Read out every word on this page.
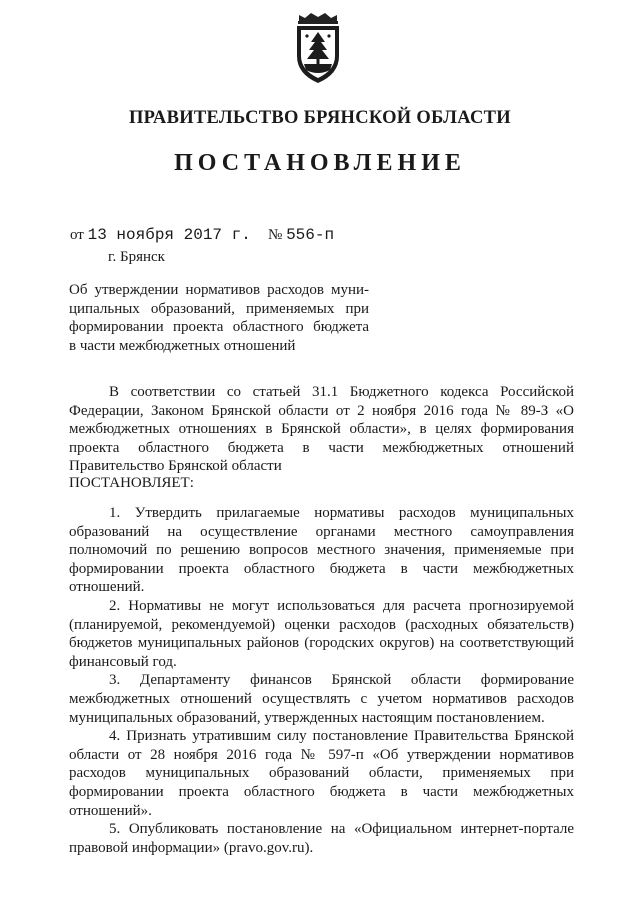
ПРАВИТЕЛЬСТВО БРЯНСКОЙ ОБЛАСТИ
ПОСТАНОВЛЕНИЕ
от 13 ноября 2017 г. № 556-п
г. Брянск
Об утверждении нормативов расходов муни-
ципальных образований, применяемых при
формировании проекта областного бюджета
в части межбюджетных отношений

В соответствии со статьей 31.1 Бюджетного кодекса Российской Федерации, Законом Брянской области от 2 ноября 2016 года № 89-З «О межбюджетных отношениях в Брянской области», в целях формирования проекта областного бюджета в части межбюджетных отношений Правительство Брянской области

ПОСТАНОВЛЯЕТ:

1. Утвердить прилагаемые нормативы расходов муниципальных образований на осуществление органами местного самоуправления полномочий по решению вопросов местного значения, применяемые при формировании проекта областного бюджета в части межбюджетных отношений.

2. Нормативы не могут использоваться для расчета прогнозируемой (планируемой, рекомендуемой) оценки расходов (расходных обязательств) бюджетов муниципальных районов (городских округов) на соответствующий финансовый год.

3. Департаменту финансов Брянской области формирование межбюджетных отношений осуществлять с учетом нормативов расходов муниципальных образований, утвержденных настоящим постановлением.

4. Признать утратившим силу постановление Правительства Брянской области от 28 ноября 2016 года № 597-п «Об утверждении нормативов расходов муниципальных образований области, применяемых при формировании проекта областного бюджета в части межбюджетных отношений».

5. Опубликовать постановление на «Официальном интернет-портале правовой информации» (pravo.gov.ru).
